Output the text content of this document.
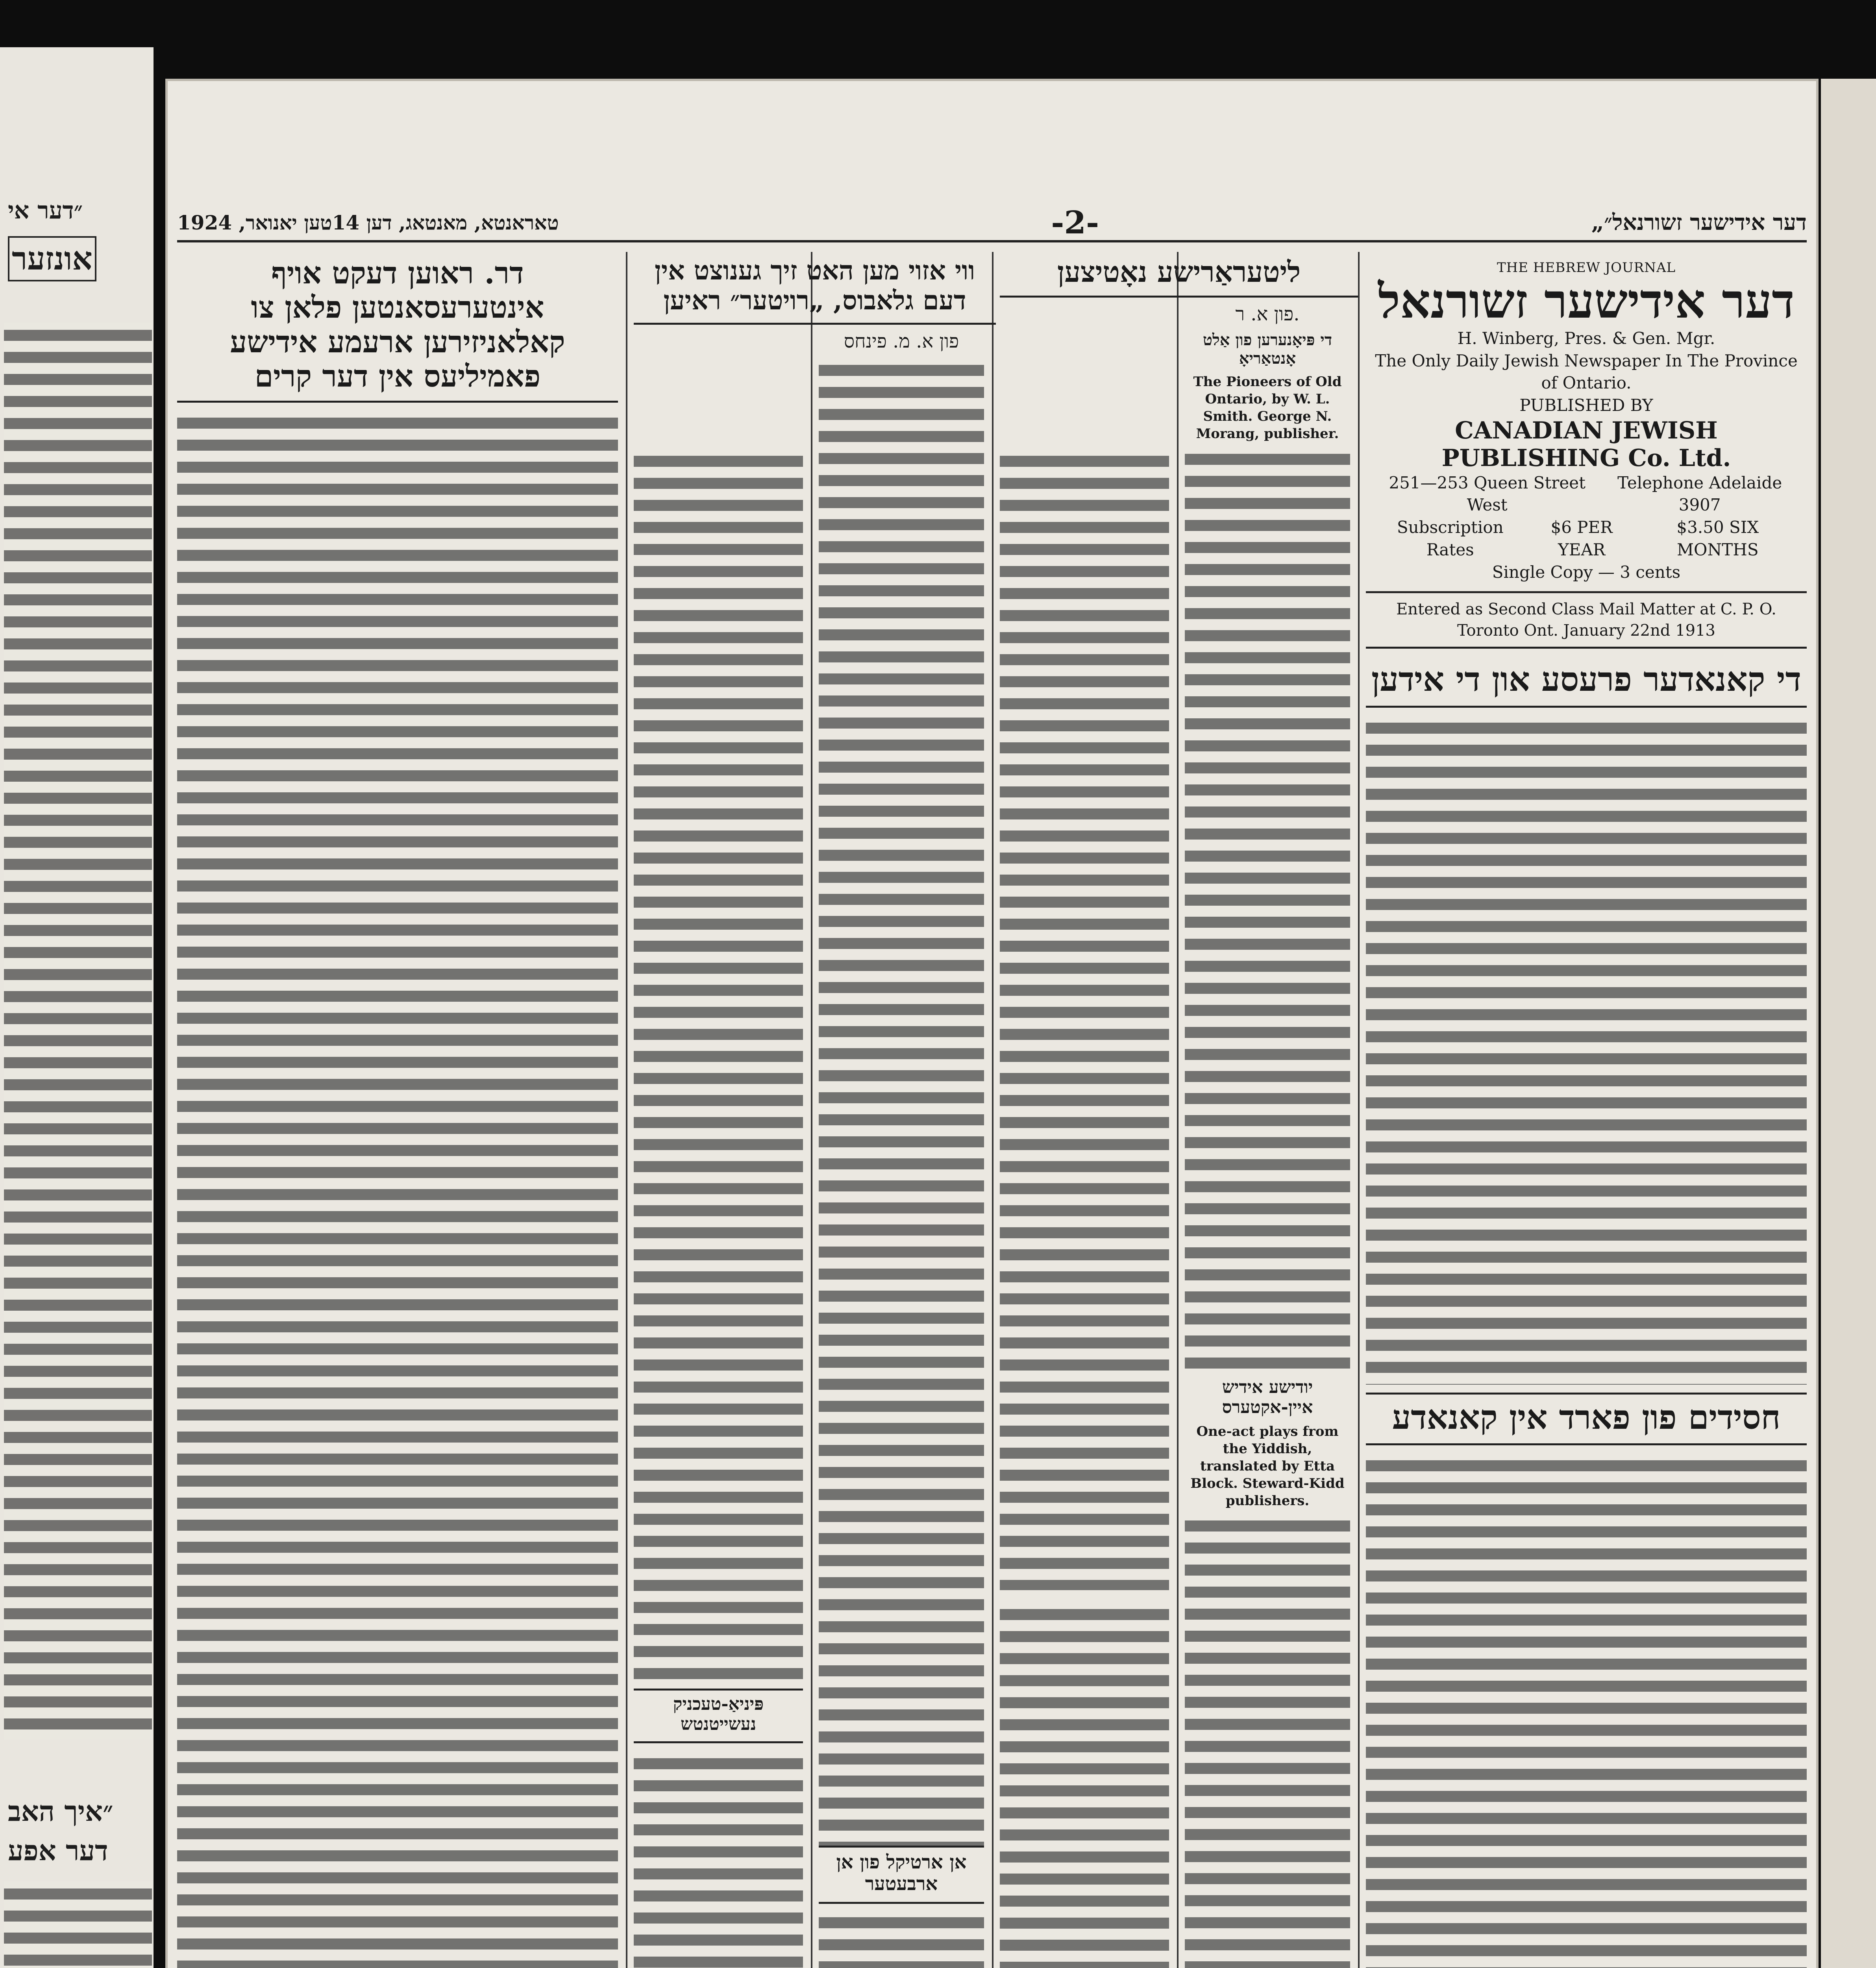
״דער אי
אונזער
״איך האב
דער אפע
טאראנטא, מאנטאג, דען 14טען יאנואר, 1924	-2-	„דער אידישער זשורנאל״
דר. ראוען דעקט אויף אינטערעסאנטען פלאן צו קאלאניזירען ארעמע אידישע פאמיליעס אין דער קרים
פּיניאַ-טעכניק נעשייטנטש
ווי אזוי מען האט זיך גענוצט אין דעם גלאבוס, „רויטער״ ראיען
פון א. מ. פינחס
אן ארטיקל פון אן ארבעטער
ליטעראַרישע נאָטיצען
פון א. ר.
די פּיאָנערען פון אַלט אָנטאַריאָ
The Pioneers of Old Ontario, by W. L. Smith. George N. Morang, publisher.
יודישע אידיש איין-אקטערס
One-act plays from the Yiddish, translated by Etta Block. Steward-Kidd publishers.
THE HEBREW JOURNAL
דער אידישער זשורנאל
H. Winberg, Pres. & Gen. Mgr.
The Only Daily Jewish Newspaper In The Province of Ontario.
PUBLISHED BY
CANADIAN JEWISH PUBLISHING Co. Ltd.
251—253 Queen Street West
Telephone Adelaide 3907
Subscription Rates
$6 PER YEAR
$3.50 SIX MONTHS
Single Copy — 3 cents
Entered as Second Class Mail Matter at C. P. O. Toronto Ont. January 22nd 1913
די קאנאדער פרעסע און די אידען
חסידים פון פארד אין קאנאדע
